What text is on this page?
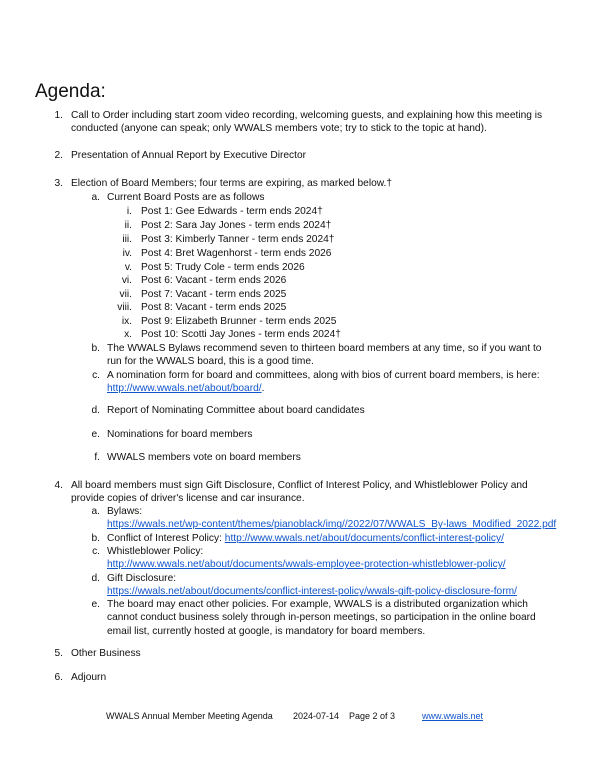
Agenda:
1. Call to Order including start zoom video recording, welcoming guests, and explaining how this meeting is conducted (anyone can speak; only WWALS members vote; try to stick to the topic at hand).
2. Presentation of Annual Report by Executive Director
3. Election of Board Members; four terms are expiring, as marked below.†
a. Current Board Posts are as follows
i. Post 1: Gee Edwards - term ends 2024†
ii. Post 2: Sara Jay Jones - term ends 2024†
iii. Post 3: Kimberly Tanner - term ends 2024†
iv. Post 4: Bret Wagenhorst - term ends 2026
v. Post 5: Trudy Cole - term ends 2026
vi. Post 6: Vacant - term ends 2026
vii. Post 7: Vacant - term ends 2025
viii. Post 8: Vacant - term ends 2025
ix. Post 9: Elizabeth Brunner - term ends 2025
x. Post 10: Scotti Jay Jones - term ends 2024†
b. The WWALS Bylaws recommend seven to thirteen board members at any time, so if you want to run for the WWALS board, this is a good time.
c. A nomination form for board and committees, along with bios of current board members, is here:
http://www.wwals.net/about/board/.
d. Report of Nominating Committee about board candidates
e. Nominations for board members
f. WWALS members vote on board members
4. All board members must sign Gift Disclosure, Conflict of Interest Policy, and Whistleblower Policy and provide copies of driver's license and car insurance.
a. Bylaws:
https://wwals.net/wp-content/themes/pianoblack/img//2022/07/WWALS_By-laws_Modified_2022.pdf
b. Conflict of Interest Policy: http://www.wwals.net/about/documents/conflict-interest-policy/
c. Whistleblower Policy:
http://www.wwals.net/about/documents/wwals-employee-protection-whistleblower-policy/
d. Gift Disclosure:
https://wwals.net/about/documents/conflict-interest-policy/wwals-gift-policy-disclosure-form/
e. The board may enact other policies. For example, WWALS is a distributed organization which cannot conduct business solely through in-person meetings, so participation in the online board email list, currently hosted at google, is mandatory for board members.
5. Other Business
6. Adjourn
WWALS Annual Member Meeting Agenda 2024-07-14 Page 2 of 3	www.wwals.net
